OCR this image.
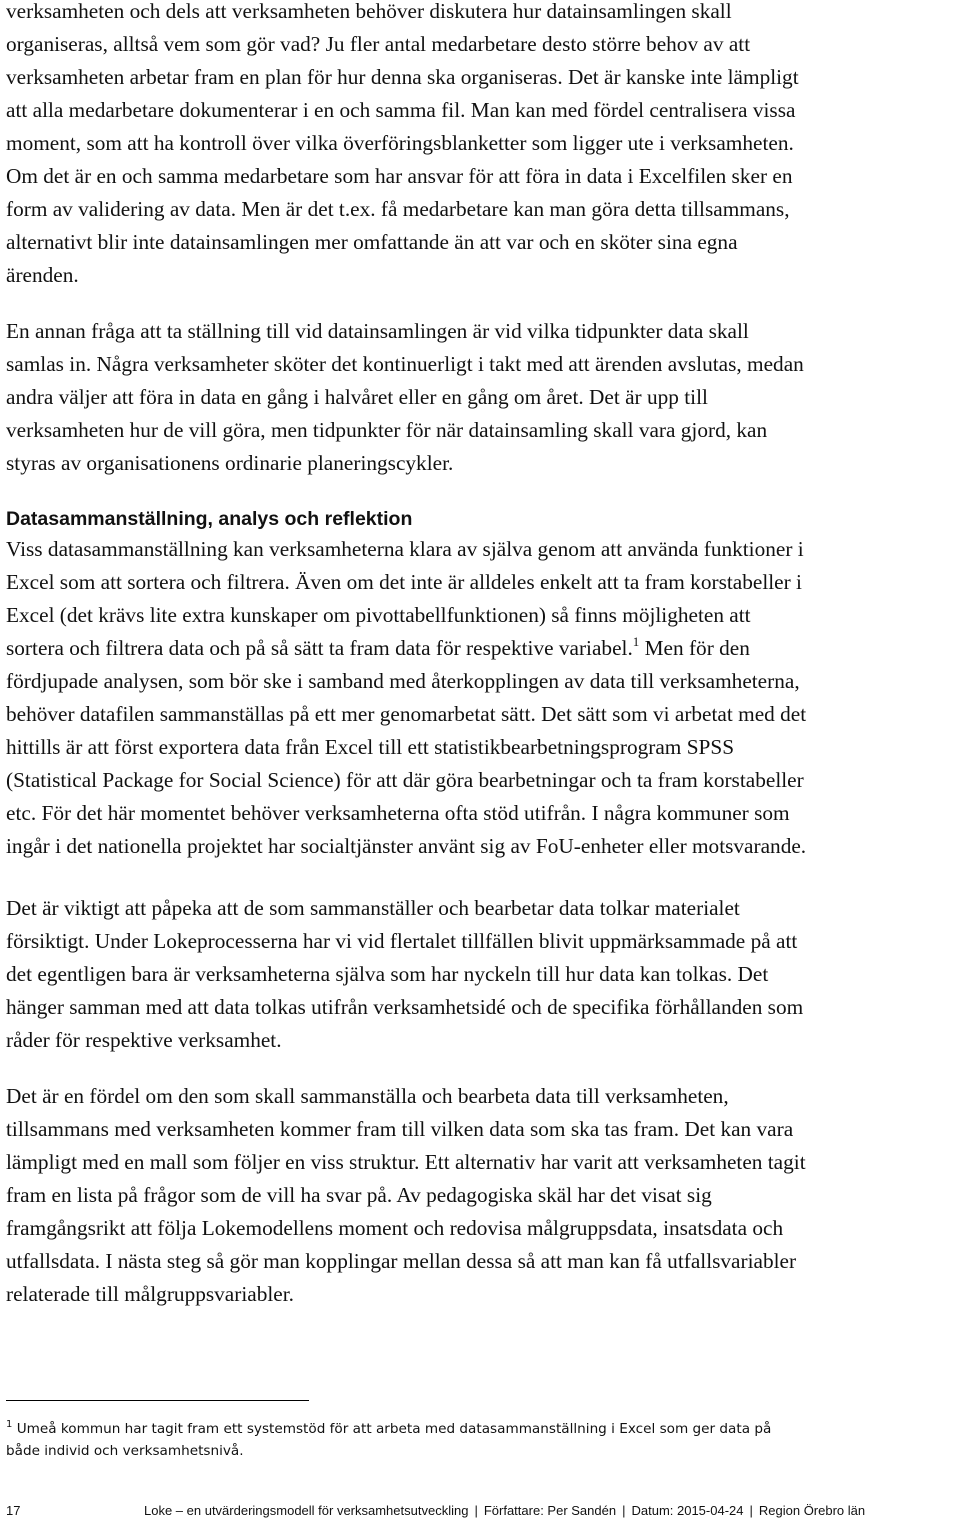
verksamheten och dels att verksamheten behöver diskutera hur datainsamlingen skall
organiseras, alltså vem som gör vad? Ju fler antal medarbetare desto större behov av att
verksamheten arbetar fram en plan för hur denna ska organiseras. Det är kanske inte lämpligt
att alla medarbetare dokumenterar i en och samma fil. Man kan med fördel centralisera vissa
moment, som att ha kontroll över vilka överföringsblanketter som ligger ute i verksamheten.
Om det är en och samma medarbetare som har ansvar för att föra in data i Excelfilen sker en
form av validering av data. Men är det t.ex. få medarbetare kan man göra detta tillsammans,
alternativt blir inte datainsamlingen mer omfattande än att var och en sköter sina egna
ärenden.

En annan fråga att ta ställning till vid datainsamlingen är vid vilka tidpunkter data skall
samlas in. Några verksamheter sköter det kontinuerligt i takt med att ärenden avslutas, medan
andra väljer att föra in data en gång i halvåret eller en gång om året. Det är upp till
verksamheten hur de vill göra, men tidpunkter för när datainsamling skall vara gjord, kan
styras av organisationens ordinarie planeringscykler.

Datasammanställning, analys och reflektion

Viss datasammanställning kan verksamheterna klara av själva genom att använda funktioner i
Excel som att sortera och filtrera. Även om det inte är alldeles enkelt att ta fram korstabeller i
Excel (det krävs lite extra kunskaper om pivottabellfunktionen) så finns möjligheten att
sortera och filtrera data och på så sätt ta fram data för respektive variabel.$^1$ Men för den
fördjupade analysen, som bör ske i samband med återkopplingen av data till verksamheterna,
behöver datafilen sammanställas på ett mer genomarbetat sätt. Det sätt som vi arbetat med det
hittills är att först exportera data från Excel till ett statistikbearbetningsprogram SPSS
(Statistical Package for Social Science) för att där göra bearbetningar och ta fram korstabeller
etc. För det här momentet behöver verksamheterna ofta stöd utifrån. I några kommuner som
ingår i det nationella projektet har socialtjänster använt sig av FoU-enheter eller motsvarande.

Det är viktigt att påpeka att de som sammanställer och bearbetar data tolkar materialet
försiktigt. Under Lokeprocesserna har vi vid flertalet tillfällen blivit uppmärksammade på att
det egentligen bara är verksamheterna själva som har nyckeln till hur data kan tolkas. Det
hänger samman med att data tolkas utifrån verksamhetsidé och de specifika förhållanden som
råder för respektive verksamhet.

Det är en fördel om den som skall sammanställa och bearbeta data till verksamheten,
tillsammans med verksamheten kommer fram till vilken data som ska tas fram. Det kan vara
lämpligt med en mall som följer en viss struktur. Ett alternativ har varit att verksamheten tagit
fram en lista på frågor som de vill ha svar på. Av pedagogiska skäl har det visat sig
framgångsrikt att följa Lokemodellens moment och redovisa målgruppsdata, insatsdata och
utfallsdata. I nästa steg så gör man kopplingar mellan dessa så att man kan få utfallsvariabler
relaterade till målgruppsvariabler.

$^1$ Umeå kommun har tagit fram ett systemstöd för att arbeta med datasammanställning i Excel som ger data på
både individ och verksamhetsnivå.

17	Loke – en utvärderingsmodell för verksamhetsutveckling | Författare: Per Sandén | Datum: 2015-04-24 | Region Örebro län
